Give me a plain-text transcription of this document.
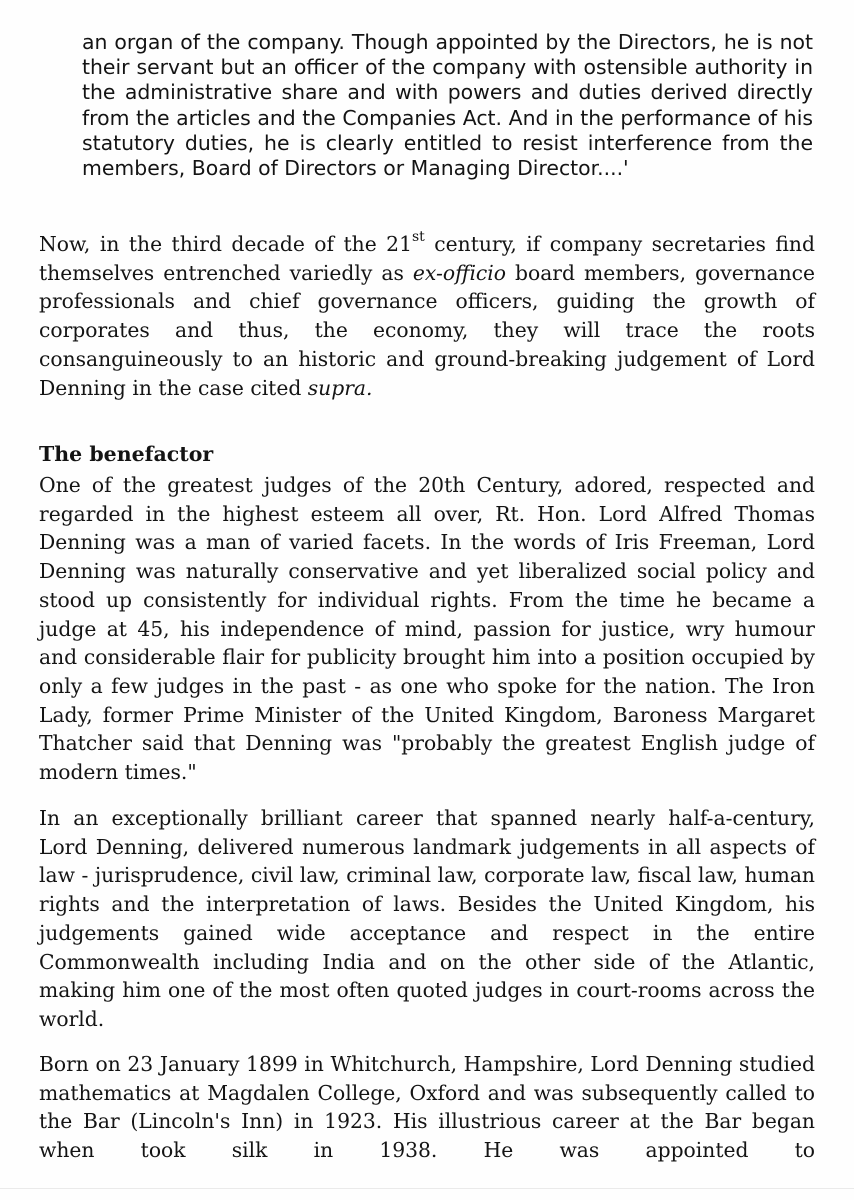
an organ of the company. Though appointed by the Directors, he is not their servant but an officer of the company with ostensible authority in the administrative share and with powers and duties derived directly from the articles and the Companies Act. And in the performance of his statutory duties, he is clearly entitled to resist interference from the members, Board of Directors or Managing Director....'

Now, in the third decade of the 21st century, if company secretaries find themselves entrenched variedly as ex-officio board members, governance professionals and chief governance officers, guiding the growth of corporates and thus, the economy, they will trace the roots consanguineously to an historic and ground-breaking judgement of Lord Denning in the case cited supra.

The benefactor

One of the greatest judges of the 20th Century, adored, respected and regarded in the highest esteem all over, Rt. Hon. Lord Alfred Thomas Denning was a man of varied facets. In the words of Iris Freeman, Lord Denning was naturally conservative and yet liberalized social policy and stood up consistently for individual rights. From the time he became a judge at 45, his independence of mind, passion for justice, wry humour and considerable flair for publicity brought him into a position occupied by only a few judges in the past - as one who spoke for the nation. The Iron Lady, former Prime Minister of the United Kingdom, Baroness Margaret Thatcher said that Denning was "probably the greatest English judge of modern times."

In an exceptionally brilliant career that spanned nearly half-a-century, Lord Denning, delivered numerous landmark judgements in all aspects of law - jurisprudence, civil law, criminal law, corporate law, fiscal law, human rights and the interpretation of laws. Besides the United Kingdom, his judgements gained wide acceptance and respect in the entire Commonwealth including India and on the other side of the Atlantic, making him one of the most often quoted judges in court-rooms across the world.

Born on 23 January 1899 in Whitchurch, Hampshire, Lord Denning studied mathematics at Magdalen College, Oxford and was subsequently called to the Bar (Lincoln's Inn) in 1923. His illustrious career at the Bar began when took silk in 1938. He was appointed to
